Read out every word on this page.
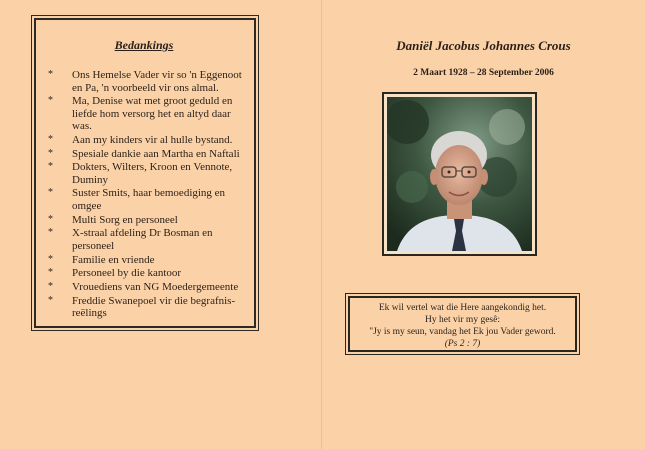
Bedankings
* Ons Hemelse Vader vir so 'n Eggenoot en Pa, 'n voorbeeld vir ons almal.
* Ma, Denise wat met groot geduld en liefde hom versorg het en altyd daar was.
* Aan my kinders vir al hulle bystand.
* Spesiale dankie aan Martha en Naftali
* Dokters, Wilters, Kroon en Vennote, Duminy
* Suster Smits, haar bemoediging en omgee
* Multi Sorg en personeel
* X-straal afdeling Dr Bosman en personeel
* Familie en vriende
* Personeel by die kantoor
* Vrouediens van NG Moedergemeente
* Freddie Swanepoel vir die begrafnis-reëlings
Daniël Jacobus Johannes Crous
2 Maart 1928 – 28 September 2006
Ek wil vertel wat die Here aangekondig het.
Hy het vir my gesê:
"Jy is my seun, vandag het Ek jou Vader geword.
(Ps 2 : 7)
